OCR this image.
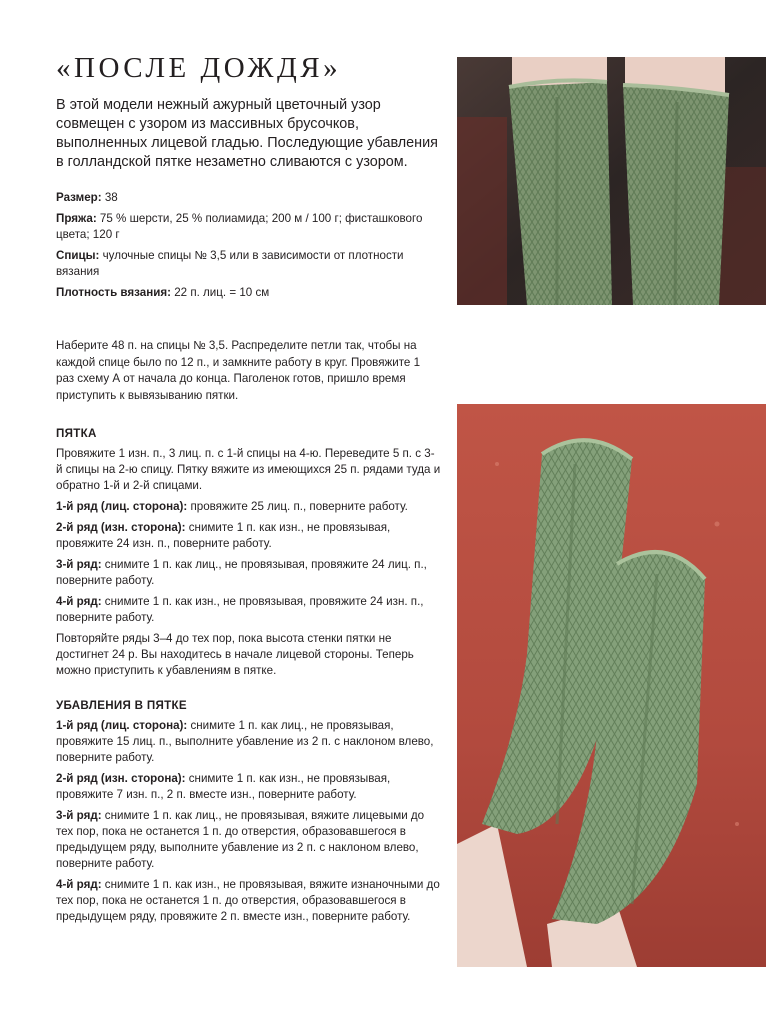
«ПОСЛЕ ДОЖДЯ»

В этой модели нежный ажурный цветочный узор совмещен с узором из массивных брусочков, выполненных лицевой гладью. Последующие убавления в голландской пятке незаметно сливаются с узором.

Размер: 38

Пряжа: 75 % шерсти, 25 % полиамида; 200 м / 100 г; фисташкового цвета; 120 г

Спицы: чулочные спицы № 3,5 или в зависимости от плотности вязания

Плотность вязания: 22 п. лиц. = 10 см

Наберите 48 п. на спицы № 3,5. Распределите петли так, чтобы на каждой спице было по 12 п., и замкните работу в круг. Провяжите 1 раз схему А от начала до конца. Паголенок готов, пришло время приступить к вывязыванию пятки.

ПЯТКА

Провяжите 1 изн. п., 3 лиц. п. с 1-й спицы на 4-ю. Переведите 5 п. с 3-й спицы на 2-ю спицу. Пятку вяжите из имеющихся 25 п. рядами туда и обратно 1-й и 2-й спицами.

1-й ряд (лиц. сторона): провяжите 25 лиц. п., поверните работу.

2-й ряд (изн. сторона): снимите 1 п. как изн., не провязывая, провяжите 24 изн. п., поверните работу.

3-й ряд: снимите 1 п. как лиц., не провязывая, провяжите 24 лиц. п., поверните работу.

4-й ряд: снимите 1 п. как изн., не провязывая, провяжите 24 изн. п., поверните работу.

Повторяйте ряды 3–4 до тех пор, пока высота стенки пятки не достигнет 24 р. Вы находитесь в начале лицевой стороны. Теперь можно приступить к убавлениям в пятке.

УБАВЛЕНИЯ В ПЯТКЕ

1-й ряд (лиц. сторона): снимите 1 п. как лиц., не провязывая, провяжите 15 лиц. п., выполните убавление из 2 п. с наклоном влево, поверните работу.

2-й ряд (изн. сторона): снимите 1 п. как изн., не провязывая, провяжите 7 изн. п., 2 п. вместе изн., поверните работу.

3-й ряд: снимите 1 п. как лиц., не провязывая, вяжите лицевыми до тех пор, пока не останется 1 п. до отверстия, образовавшегося в предыдущем ряду, выполните убавление из 2 п. с наклоном влево, поверните работу.

4-й ряд: снимите 1 п. как изн., не провязывая, вяжите изнаночными до тех пор, пока не останется 1 п. до отверстия, образовавшегося в предыдущем ряду, провяжите 2 п. вместе изн., поверните работу.
